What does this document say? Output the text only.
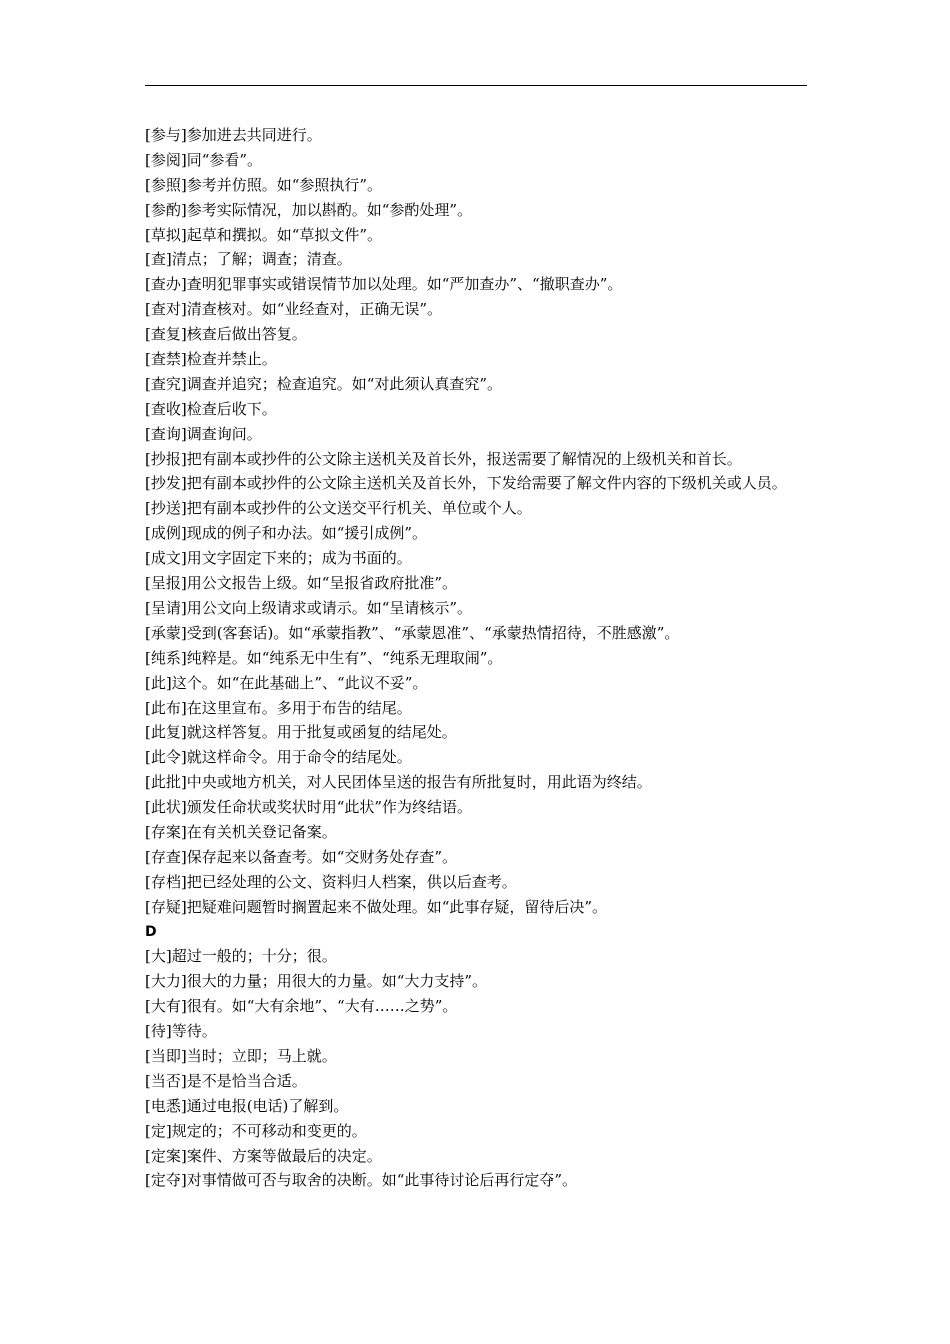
[参与]参加进去共同进行。
[参阅]同“参看”。
[参照]参考并仿照。如“参照执行”。
[参酌]参考实际情况，加以斟酌。如“参酌处理”。
[草拟]起草和撰拟。如“草拟文件”。
[查]清点；了解；调查；清查。
[查办]查明犯罪事实或错误情节加以处理。如“严加查办”、“撤职查办”。
[查对]清查核对。如“业经查对，正确无误”。
[查复]核查后做出答复。
[查禁]检查并禁止。
[查究]调查并追究；检查追究。如“对此须认真查究”。
[查收]检查后收下。
[查询]调查询问。
[抄报]把有副本或抄件的公文除主送机关及首长外，报送需要了解情况的上级机关和首长。
[抄发]把有副本或抄件的公文除主送机关及首长外，下发给需要了解文件内容的下级机关或人员。
[抄送]把有副本或抄件的公文送交平行机关、单位或个人。
[成例]现成的例子和办法。如“援引成例”。
[成文]用文字固定下来的；成为书面的。
[呈报]用公文报告上级。如“呈报省政府批准”。
[呈请]用公文向上级请求或请示。如“呈请核示”。
[承蒙]受到(客套话)。如“承蒙指教”、“承蒙恩准”、“承蒙热情招待，不胜感激”。
[纯系]纯粹是。如“纯系无中生有”、“纯系无理取闹”。
[此]这个。如“在此基础上”、“此议不妥”。
[此布]在这里宣布。多用于布告的结尾。
[此复]就这样答复。用于批复或函复的结尾处。
[此令]就这样命令。用于命令的结尾处。
[此批]中央或地方机关，对人民团体呈送的报告有所批复时，用此语为终结。
[此状]颁发任命状或奖状时用“此状”作为终结语。
[存案]在有关机关登记备案。
[存查]保存起来以备查考。如“交财务处存查”。
[存档]把已经处理的公文、资料归人档案，供以后查考。
[存疑]把疑难问题暂时搁置起来不做处理。如“此事存疑，留待后决”。
D
[大]超过一般的；十分；很。
[大力]很大的力量；用很大的力量。如“大力支持”。
[大有]很有。如“大有余地”、“大有……之势”。
[待]等待。
[当即]当时；立即；马上就。
[当否]是不是恰当合适。
[电悉]通过电报(电话)了解到。
[定]规定的；不可移动和变更的。
[定案]案件、方案等做最后的决定。
[定夺]对事情做可否与取舍的决断。如“此事待讨论后再行定夺”。
